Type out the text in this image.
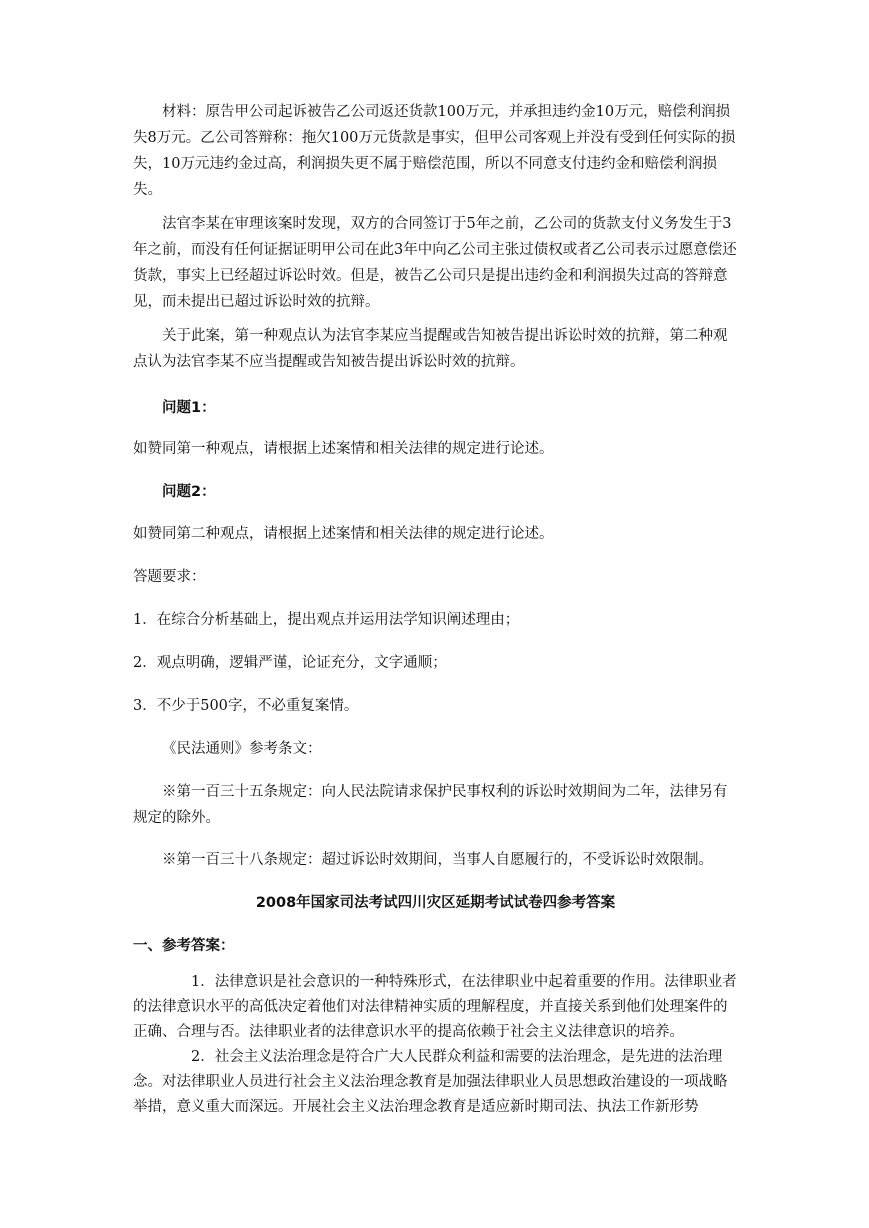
材料：原告甲公司起诉被告乙公司返还货款100万元，并承担违约金10万元，赔偿利润损失8万元。乙公司答辩称：拖欠100万元货款是事实，但甲公司客观上并没有受到任何实际的损失，10万元违约金过高，利润损失更不属于赔偿范围，所以不同意支付违约金和赔偿利润损失。

法官李某在审理该案时发现，双方的合同签订于5年之前，乙公司的货款支付义务发生于3年之前，而没有任何证据证明甲公司在此3年中向乙公司主张过债权或者乙公司表示过愿意偿还货款，事实上已经超过诉讼时效。但是，被告乙公司只是提出违约金和利润损失过高的答辩意见，而未提出已超过诉讼时效的抗辩。

关于此案，第一种观点认为法官李某应当提醒或告知被告提出诉讼时效的抗辩，第二种观点认为法官李某不应当提醒或告知被告提出诉讼时效的抗辩。

问题1：

如赞同第一种观点，请根据上述案情和相关法律的规定进行论述。

问题2：

如赞同第二种观点，请根据上述案情和相关法律的规定进行论述。

答题要求：

1．在综合分析基础上，提出观点并运用法学知识阐述理由；

2．观点明确，逻辑严谨，论证充分，文字通顺；

3．不少于500字，不必重复案情。

《民法通则》参考条文：

※第一百三十五条规定：向人民法院请求保护民事权利的诉讼时效期间为二年，法律另有规定的除外。

※第一百三十八条规定：超过诉讼时效期间，当事人自愿履行的，不受诉讼时效限制。

2008年国家司法考试四川灾区延期考试试卷四参考答案

一、参考答案：

1．法律意识是社会意识的一种特殊形式，在法律职业中起着重要的作用。法律职业者的法律意识水平的高低决定着他们对法律精神实质的理解程度，并直接关系到他们处理案件的正确、合理与否。法律职业者的法律意识水平的提高依赖于社会主义法律意识的培养。

2．社会主义法治理念是符合广大人民群众利益和需要的法治理念，是先进的法治理念。对法律职业人员进行社会主义法治理念教育是加强法律职业人员思想政治建设的一项战略举措，意义重大而深远。开展社会主义法治理念教育是适应新时期司法、执法工作新形势
